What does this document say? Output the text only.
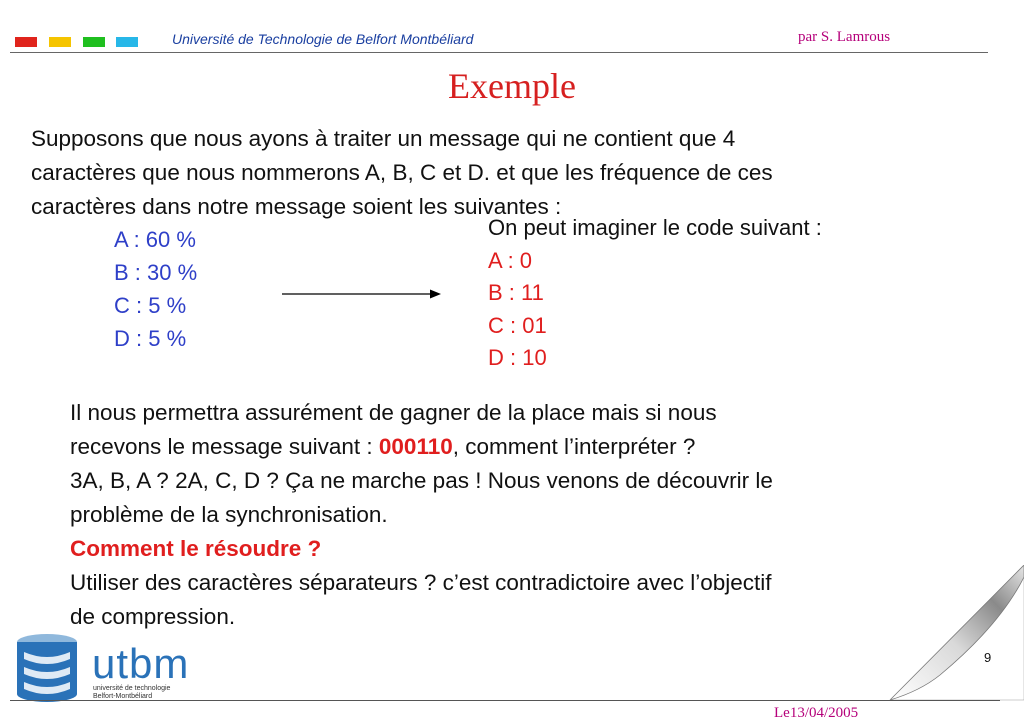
Université de Technologie de Belfort Montbéliard	par S. Lamrous
Exemple
Supposons que nous ayons à traiter un message qui ne contient que 4
caractères que nous nommerons A, B, C et D. et que les fréquence de ces
caractères dans notre message soient les suivantes :
A : 60 %
B : 30 %
C : 5 %
D : 5 %
On peut imaginer le code suivant :
A : 0
B : 11
C : 01
D : 10
Il nous permettra assurément de gagner de la place mais si nous
recevons le message suivant : 000110, comment l’interpréter ?
3A, B, A ? 2A, C, D ? Ça ne marche pas ! Nous venons de découvrir le
problème de la synchronisation.
Comment le résoudre ?
Utiliser des caractères séparateurs ? c’est contradictoire avec l’objectif
de compression.
utbm
université de technologie
Belfort-Montbéliard
9
Le13/04/2005
